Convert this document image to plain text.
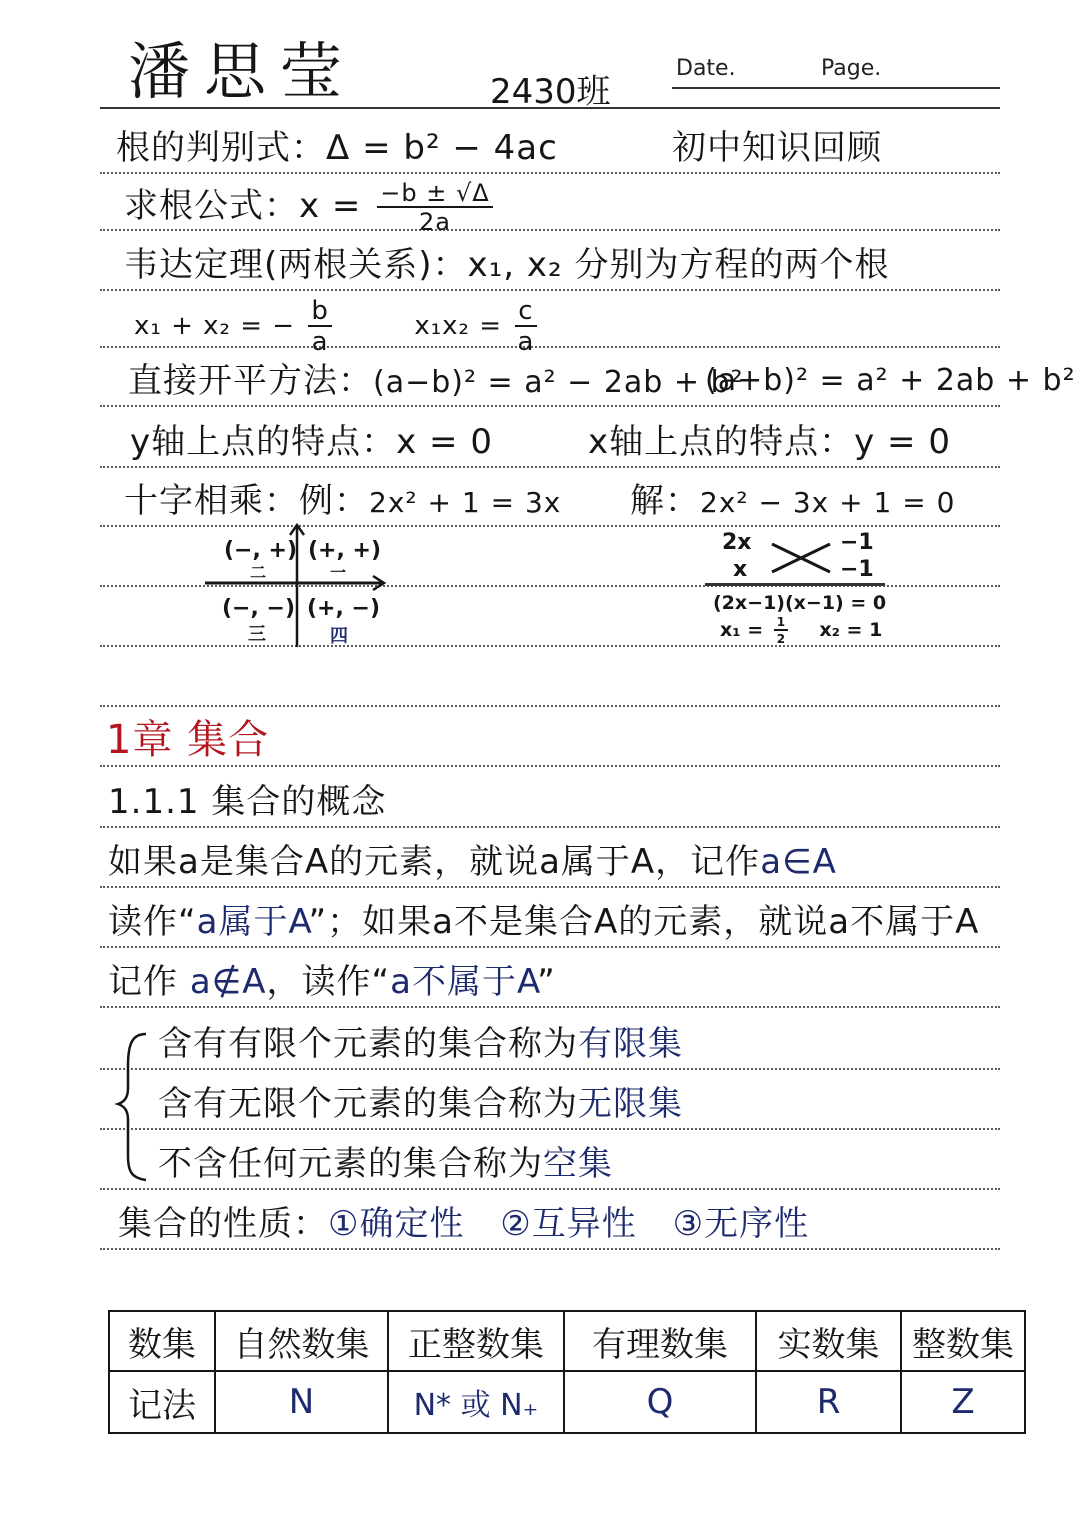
潘思莹	2430班
Date.	Page.
根的判别式：Δ = b² − 4ac	初中知识回顾
求根公式：$x = \frac{-b \pm √\Delta}{2a}$
韦达定理(两根关系)：x₁, x₂ 分别为方程的两个根
x₁ + x₂ = − $\frac{b}{a}$	$x_1x_2 = \frac{c}{a}$
直接开平方法：(a−b)² = a² − 2ab + b²
(a+b)² = a² + 2ab + b²
y轴上点的特点：x = 0	x轴上点的特点：y = 0
十字相乘：例：2x² + 1 = 3x 解：2x² − 3x + 1 = 0
(−, +)
二
(+, +)
一
(−, −)
三
(+, −)
四
2x
x
−1
−1
(2x−1)(x−1) = 0
$x_1 = \frac{1}{2} x_2 = 1$
1章 集合
1.1.1 集合的概念
如果a是集合A的元素，就说a属于A，记作a∈A
读作“a属于A”；如果a不是集合A的元素，就说a不属于A
记作 a∉A，读作“a不属于A”
含有有限个元素的集合称为有限集
含有无限个元素的集合称为无限集
不含任何元素的集合称为空集
集合的性质：①确定性 ②互异性 ③无序性
数集	自然数集	正整数集	有理数集	实数集	整数集
记法	N	N* 或 N₊	Q	R	Z
